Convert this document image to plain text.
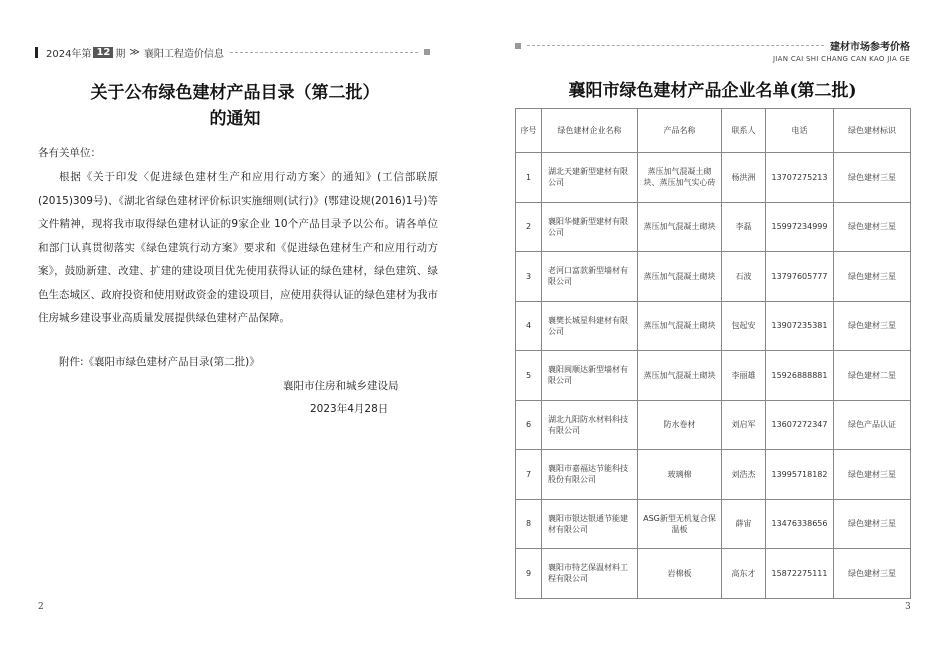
2024年第 12 期 ≫ 襄阳工程造价信息
关于公布绿色建材产品目录（第二批）
的通知
各有关单位：
根据《关于印发〈促进绿色建材生产和应用行动方案〉的通知》(工信部联原(2015)309号)、《湖北省绿色建材评价标识实施细则(试行)》(鄂建设规(2016)1号)等文件精神，现将我市取得绿色建材认证的9家企业 10个产品目录予以公布。请各单位和部门认真贯彻落实《绿色建筑行动方案》要求和《促进绿色建材生产和应用行动方案》，鼓励新建、改建、扩建的建设项目优先使用获得认证的绿色建材，绿色建筑、绿色生态城区、政府投资和使用财政资金的建设项目，应使用获得认证的绿色建材为我市住房城乡建设事业高质量发展提供绿色建材产品保障。
附件:《襄阳市绿色建材产品目录(第二批)》
襄阳市住房和城乡建设局
2023年4月28日
2
建材市场参考价格
JIAN CAI SHI CHANG CAN KAO JIA GE
襄阳市绿色建材产品企业名单(第二批)
序号	绿色建材企业名称	产品名称	联系人	电话	绿色建材标识
1	湖北天建新型建材有限公司	蒸压加气混凝土砌块、蒸压加气实心砖	杨洪洲	13707275213	绿色建材三星
2	襄阳华健新型建材有限公司	蒸压加气混凝土砌块	李磊	15997234999	绿色建材三星
3	老河口富款新型墙材有限公司	蒸压加气混凝土砌块	石波	13797605777	绿色建材三星
4	襄樊长城星科建材有限公司	蒸压加气混凝土砌块	包起安	13907235381	绿色建材三星
5	襄阳闽顺达新型墙材有限公司	蒸压加气混凝土砌块	李丽雄	15926888881	绿色建材二星
6	湖北九阳防水材料科技有限公司	防水卷材	刘启军	13607272347	绿色产品认证
7	襄阳市嘉福达节能科技股份有限公司	玻璃棉	刘浩杰	13995718182	绿色建材三星
8	襄阳市银达银通节能建材有限公司	ASG新型无机复合保温板	薛宙	13476338656	绿色建材三星
9	襄阳市特艺保温材料工程有限公司	岩棉板	高东才	15872275111	绿色建材三星
3
